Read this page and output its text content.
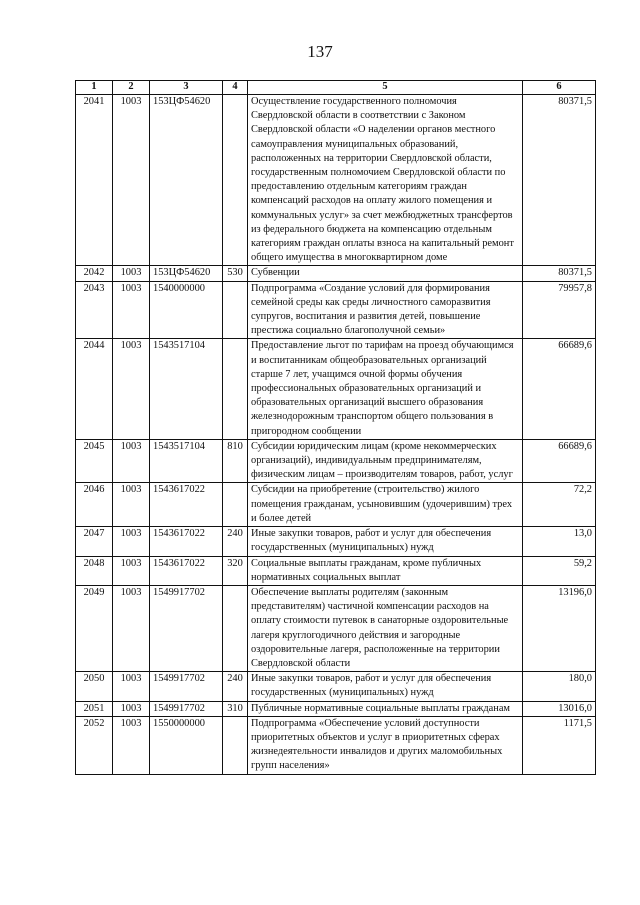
137
1	2	3	4	5	6
2041	1003	153ЦФ54620		Осуществление государственного полномочия Свердловской области в соответствии с Законом Свердловской области «О наделении органов местного самоуправления муниципальных образований, расположенных на территории Свердловской области, государственным полномочием Свердловской области по предоставлению отдельным категориям граждан компенсаций расходов на оплату жилого помещения и коммунальных услуг» за счет межбюджетных трансфертов из федерального бюджета на компенсацию отдельным категориям граждан оплаты взноса на капитальный ремонт общего имущества в многоквартирном доме	80371,5
2042	1003	153ЦФ54620	530	Субвенции	80371,5
2043	1003	1540000000		Подпрограмма «Создание условий для формирования семейной среды как среды личностного саморазвития супругов, воспитания и развития детей, повышение престижа социально благополучной семьи»	79957,8
2044	1003	1543517104		Предоставление льгот по тарифам на проезд обучающимся и воспитанникам общеобразовательных организаций старше 7 лет, учащимся очной формы обучения профессиональных образовательных организаций и образовательных организаций высшего образования железнодорожным транспортом общего пользования в пригородном сообщении	66689,6
2045	1003	1543517104	810	Субсидии юридическим лицам (кроме некоммерческих организаций), индивидуальным предпринимателям, физическим лицам – производителям товаров, работ, услуг	66689,6
2046	1003	1543617022		Субсидии на приобретение (строительство) жилого помещения гражданам, усыновившим (удочерившим) трех и более детей	72,2
2047	1003	1543617022	240	Иные закупки товаров, работ и услуг для обеспечения государственных (муниципальных) нужд	13,0
2048	1003	1543617022	320	Социальные выплаты гражданам, кроме публичных нормативных социальных выплат	59,2
2049	1003	1549917702		Обеспечение выплаты родителям (законным представителям) частичной компенсации расходов на оплату стоимости путевок в санаторные оздоровительные лагеря круглогодичного действия и загородные оздоровительные лагеря, расположенные на территории Свердловской области	13196,0
2050	1003	1549917702	240	Иные закупки товаров, работ и услуг для обеспечения государственных (муниципальных) нужд	180,0
2051	1003	1549917702	310	Публичные нормативные социальные выплаты гражданам	13016,0
2052	1003	1550000000		Подпрограмма «Обеспечение условий доступности приоритетных объектов и услуг в приоритетных сферах жизнедеятельности инвалидов и других маломобильных групп населения»	1171,5
